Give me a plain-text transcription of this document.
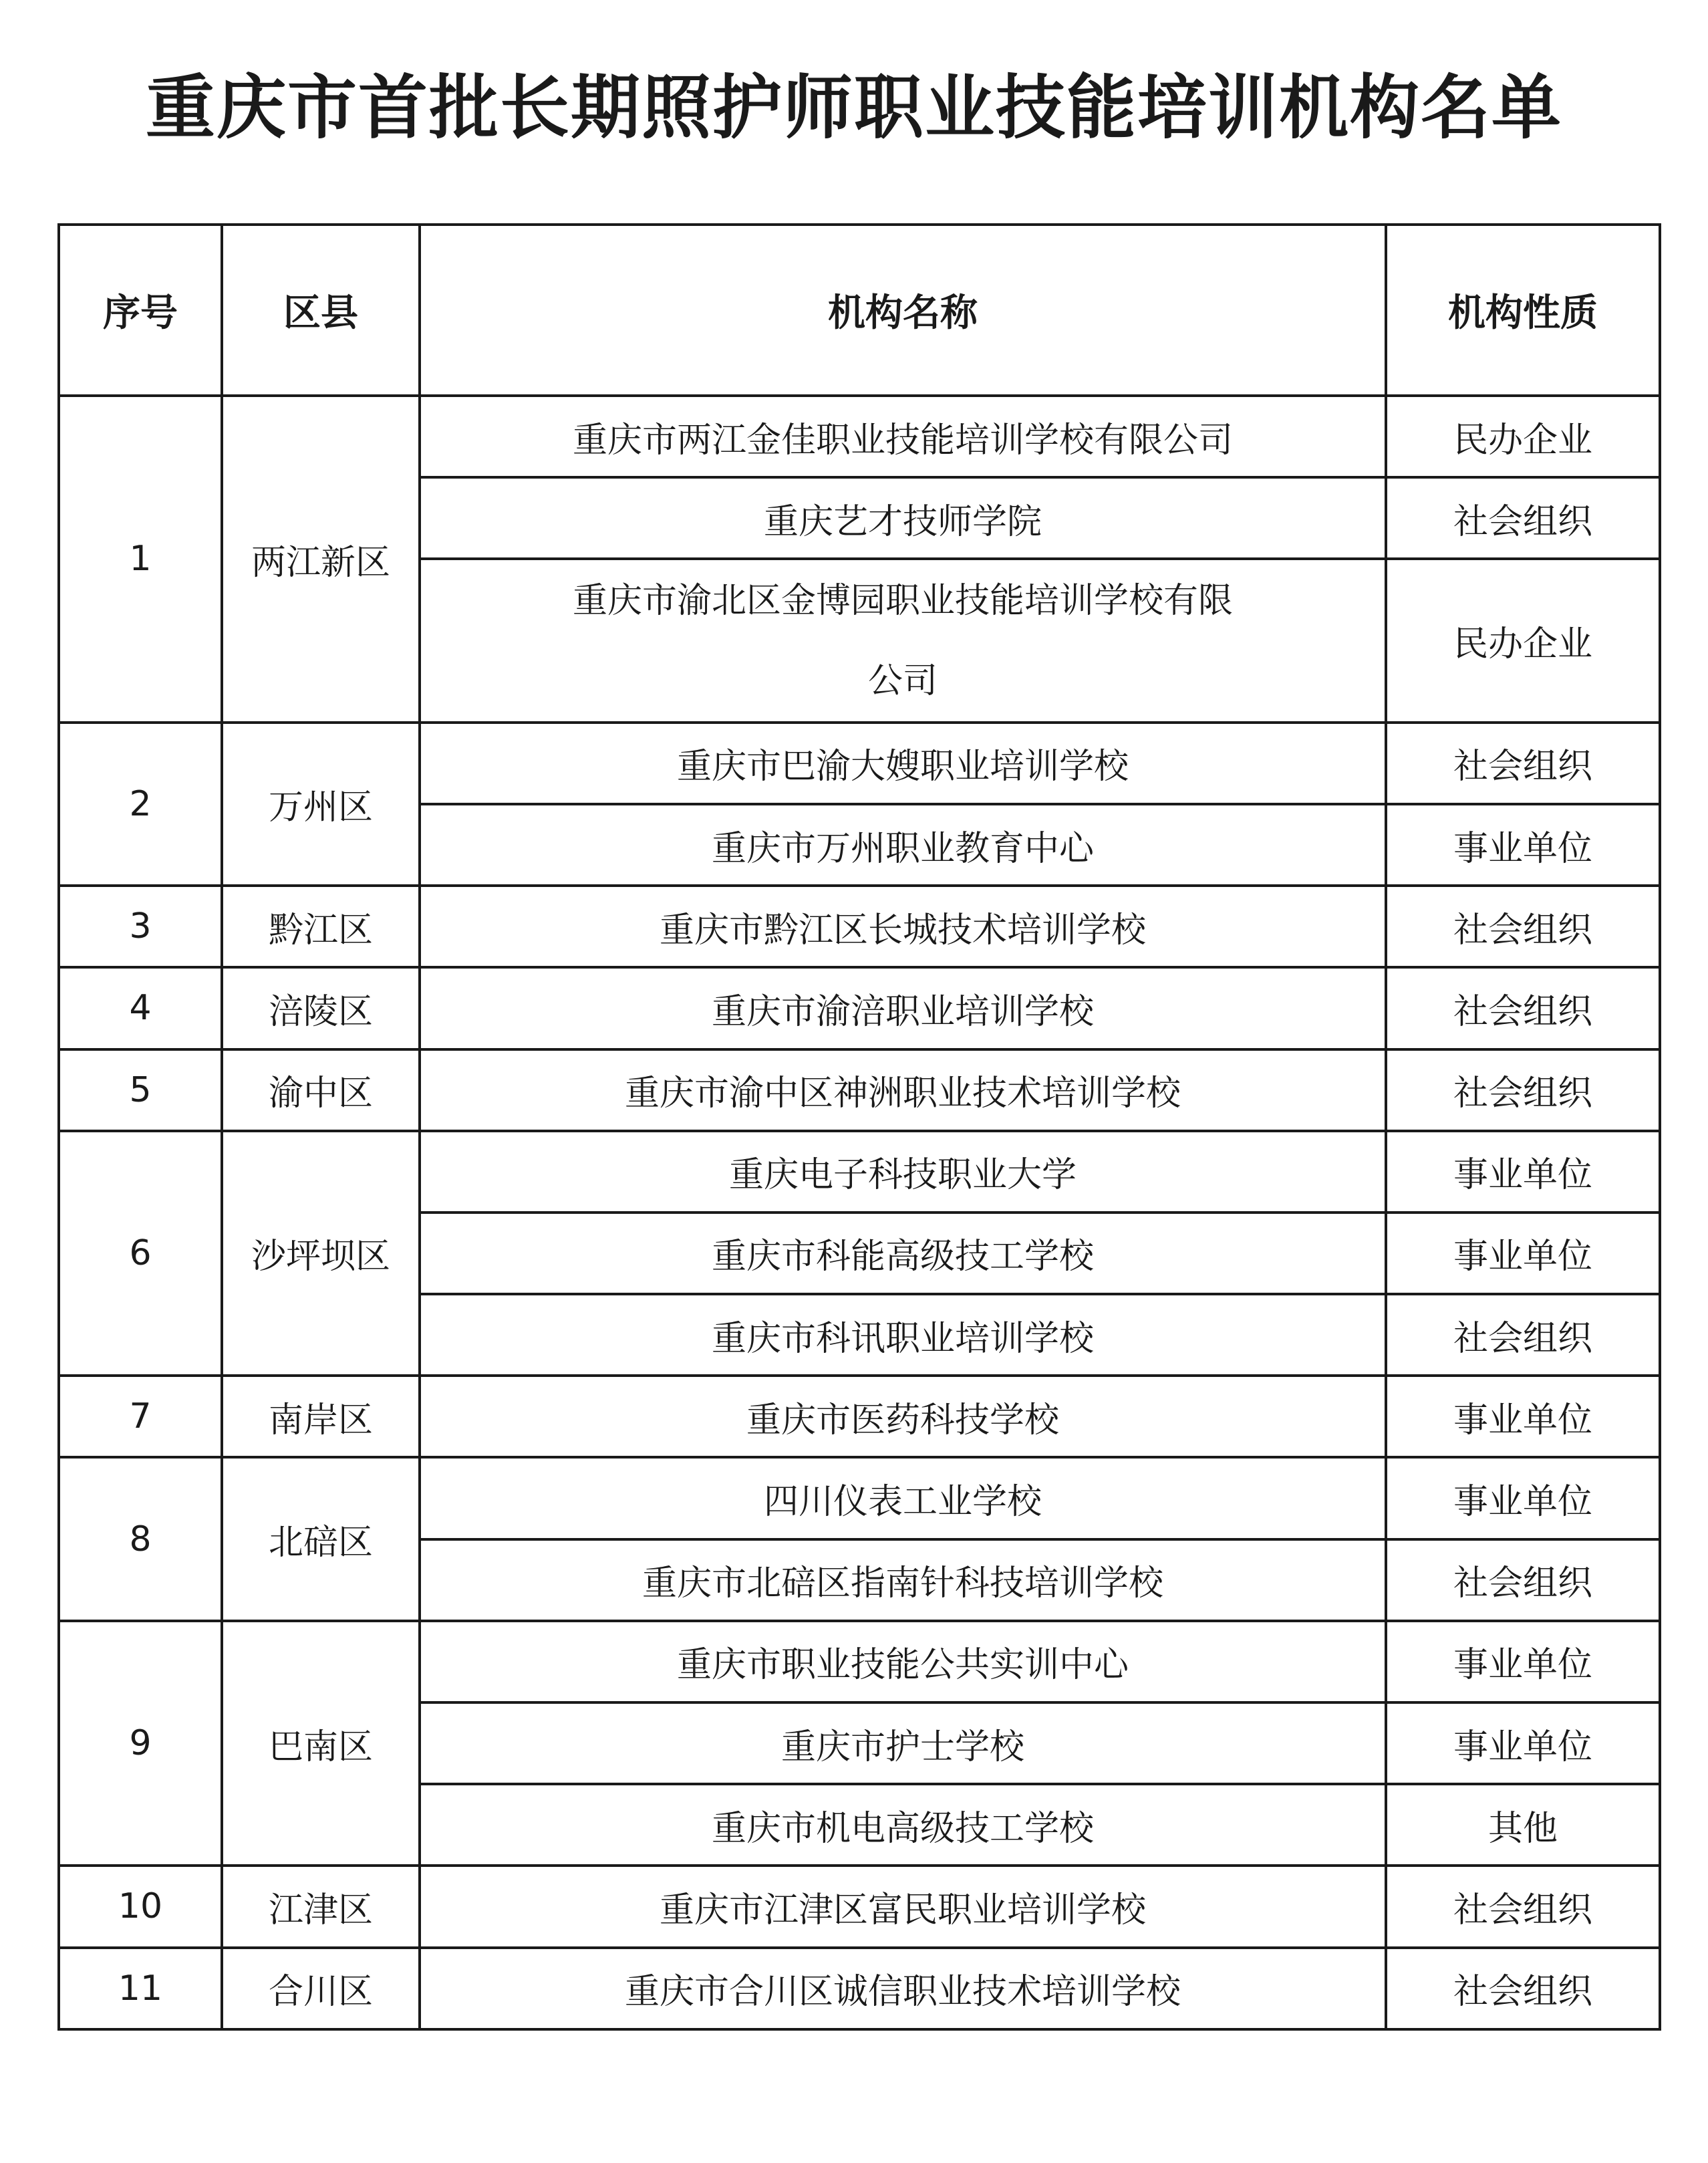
重庆市首批长期照护师职业技能培训机构名单
序号	区县	机构名称	机构性质
1	两江新区	重庆市两江金佳职业技能培训学校有限公司	民办企业
		重庆艺才技师学院	社会组织
		重庆市渝北区金博园职业技能培训学校有限公司	民办企业
2	万州区	重庆市巴渝大嫂职业培训学校	社会组织
		重庆市万州职业教育中心	事业单位
3	黔江区	重庆市黔江区长城技术培训学校	社会组织
4	涪陵区	重庆市渝涪职业培训学校	社会组织
5	渝中区	重庆市渝中区神洲职业技术培训学校	社会组织
6	沙坪坝区	重庆电子科技职业大学	事业单位
		重庆市科能高级技工学校	事业单位
		重庆市科讯职业培训学校	社会组织
7	南岸区	重庆市医药科技学校	事业单位
8	北碚区	四川仪表工业学校	事业单位
		重庆市北碚区指南针科技培训学校	社会组织
9	巴南区	重庆市职业技能公共实训中心	事业单位
		重庆市护士学校	事业单位
		重庆市机电高级技工学校	其他
10	江津区	重庆市江津区富民职业培训学校	社会组织
11	合川区	重庆市合川区诚信职业技术培训学校	社会组织
